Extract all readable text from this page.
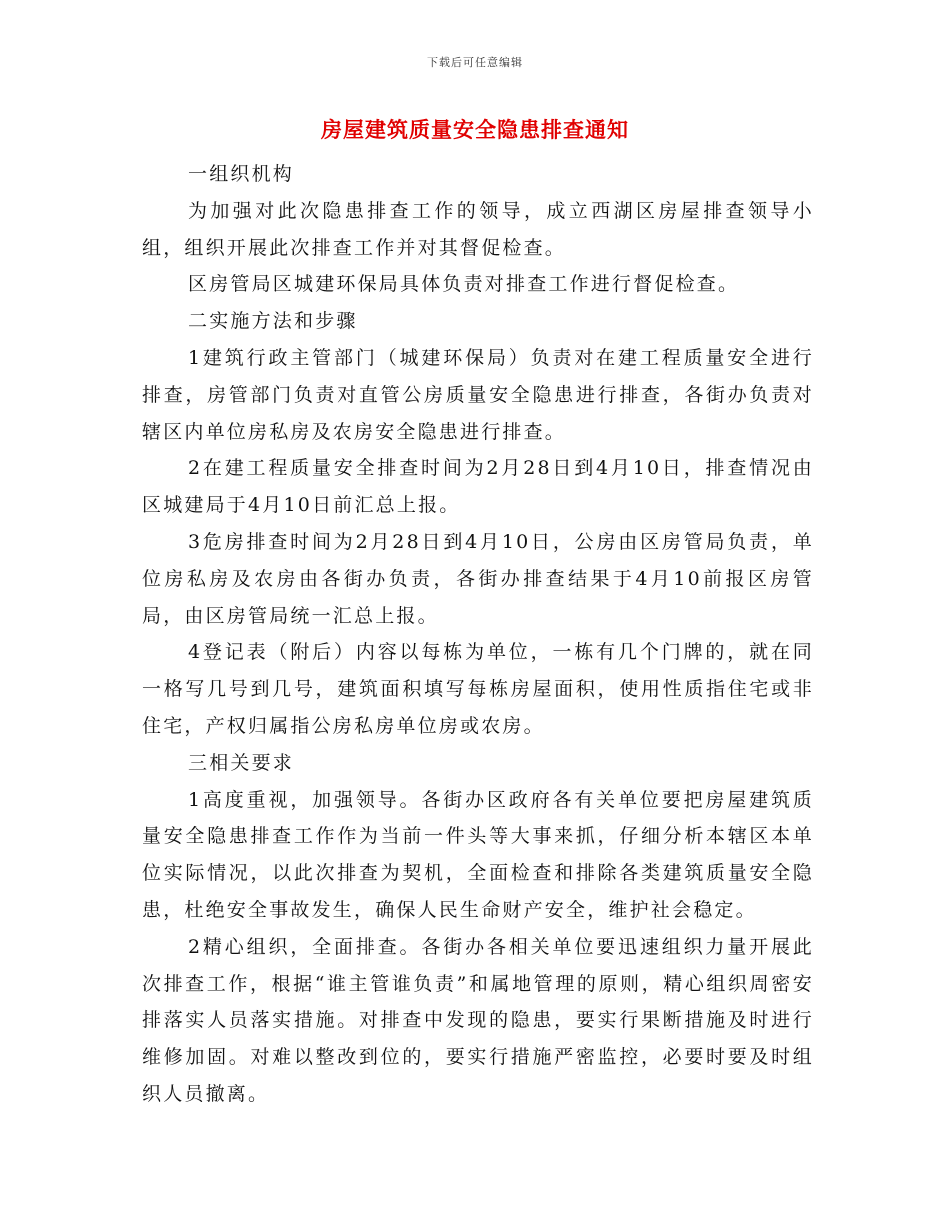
下载后可任意编辑
房屋建筑质量安全隐患排查通知

一组织机构

为加强对此次隐患排查工作的领导，成立西湖区房屋排查领导小组，组织开展此次排查工作并对其督促检查。

区房管局区城建环保局具体负责对排查工作进行督促检查。

二实施方法和步骤

1建筑行政主管部门（城建环保局）负责对在建工程质量安全进行排查，房管部门负责对直管公房质量安全隐患进行排查，各街办负责对辖区内单位房私房及农房安全隐患进行排查。

2在建工程质量安全排查时间为2月28日到4月10日，排查情况由区城建局于4月10日前汇总上报。

3危房排查时间为2月28日到4月10日，公房由区房管局负责，单位房私房及农房由各街办负责，各街办排查结果于4月10前报区房管局，由区房管局统一汇总上报。

4登记表（附后）内容以每栋为单位，一栋有几个门牌的，就在同一格写几号到几号，建筑面积填写每栋房屋面积，使用性质指住宅或非住宅，产权归属指公房私房单位房或农房。

三相关要求

1高度重视，加强领导。各街办区政府各有关单位要把房屋建筑质量安全隐患排查工作作为当前一件头等大事来抓，仔细分析本辖区本单位实际情况，以此次排查为契机，全面检查和排除各类建筑质量安全隐患，杜绝安全事故发生，确保人民生命财产安全，维护社会稳定。

2精心组织，全面排查。各街办各相关单位要迅速组织力量开展此次排查工作，根据“谁主管谁负责”和属地管理的原则，精心组织周密安排落实人员落实措施。对排查中发现的隐患，要实行果断措施及时进行维修加固。对难以整改到位的，要实行措施严密监控，必要时要及时组织人员撤离。
